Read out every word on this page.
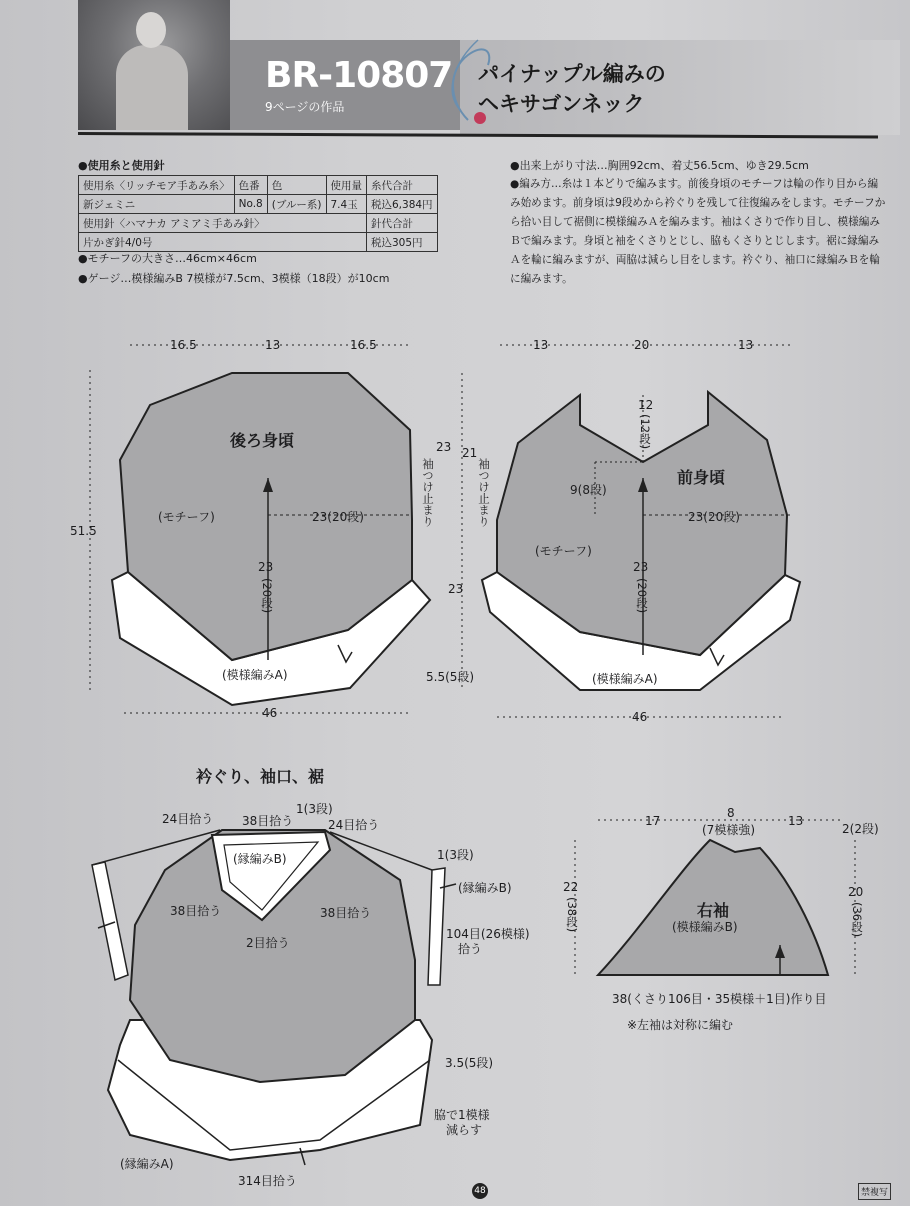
BR-10807
9ページの作品
パイナップル編みの
ヘキサゴンネック
●使用糸と使用針
使用糸〈リッチモア手あみ糸〉	色番	色	使用量	糸代合計
新ジェミニ	No.8	(ブルー系)	7.4玉	税込6,384円
使用針〈ハマナカ アミアミ手あみ針〉				針代合計
片かぎ針4/0号				税込305円
●モチーフの大きさ…46cm×46cm
●ゲージ…模様編みB 7模様が7.5cm、3模様（18段）が10cm
●出来上がり寸法…胸囲92cm、着丈56.5cm、ゆき29.5cm
●編み方…糸は１本どりで編みます。前後身頃のモチーフは輪の作り目から編み始めます。前身頃は9段めから衿ぐりを残して往復編みをします。モチーフから拾い目して裾側に模様編みＡを編みます。袖はくさりで作り目し、模様編みＢで編みます。身頃と袖をくさりとじし、脇もくさりとじします。裾に縁編みＡを輪に編みますが、両脇は減らし目をします。衿ぐり、袖口に縁編みＢを輪に編みます。
16.5	13	16.5
51.5
後ろ身頃
(モチーフ)	23(20段)
23
(20段)
(模様編みA)
46
23
袖つけ止まり
13	20	13
12
(12段)
前身頃
9(8段)
23(20段)
(モチーフ)
23
(20段)
(模様編みA)
46
21
袖つけ止まり
23
5.5(5段)
衿ぐり、袖口、裾
24目拾う 38目拾う
1(3段)
24目拾う
(縁編みB)	1(3段)
(縁編みB)
38目拾う	38目拾う
2目拾う
104目(26模様)
拾う
3.5(5段)
脇で1模様
減らす
(縁編みA)
314目拾う
17
8
(7模様強)
13
2(2段)
22
(38段)
20
(36段)
右袖
(模様編みB)
38(くさり106目・35模様＋1目)作り目
※左袖は対称に編む
48	禁複写
